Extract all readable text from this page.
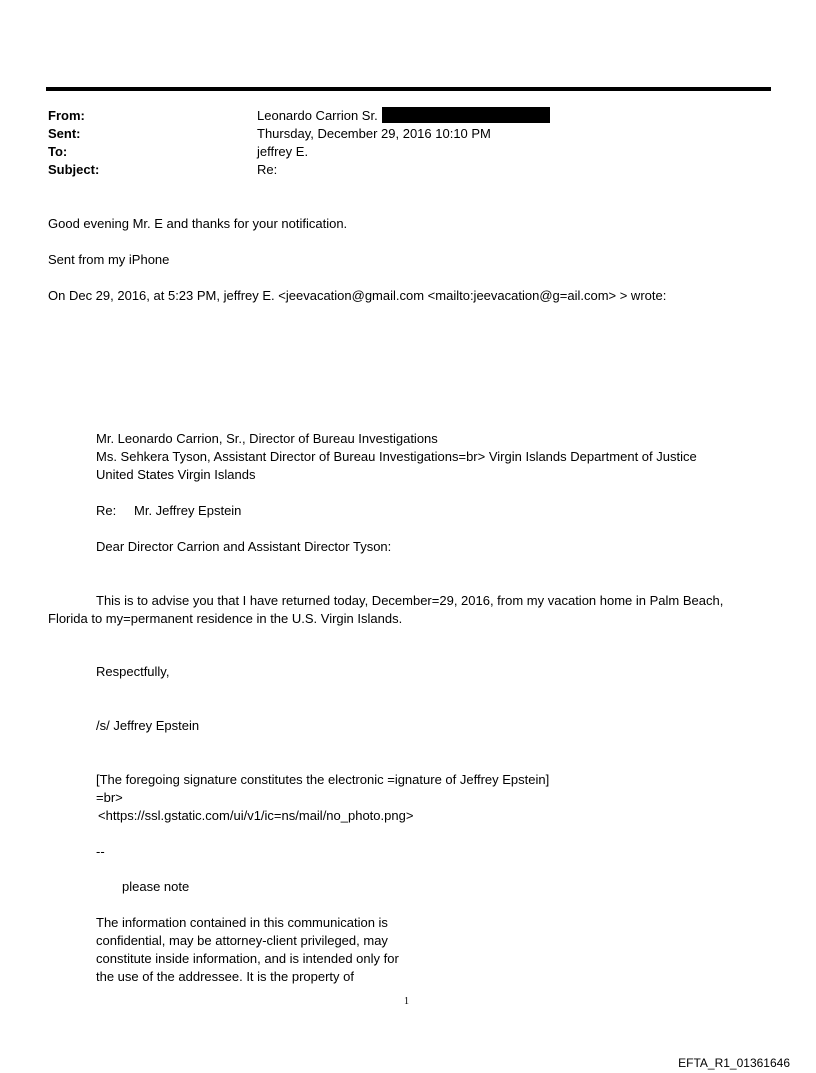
From:	Leonardo Carrion Sr.
Sent:	Thursday, December 29, 2016 10:10 PM
To:	jeffrey E.
Subject:	Re:
Good evening Mr. E and thanks for your notification.
Sent from my iPhone
On Dec 29, 2016, at 5:23 PM, jeffrey E. <jeevacation@gmail.com <mailto:jeevacation@g=ail.com> > wrote:
Mr. Leonardo Carrion, Sr., Director of Bureau Investigations
Ms. Sehkera Tyson, Assistant Director of Bureau Investigations=br> Virgin Islands Department of Justice
United States Virgin Islands
Re: Mr. Jeffrey Epstein
Dear Director Carrion and Assistant Director Tyson:
This is to advise you that I have returned today, December=29, 2016, from my vacation home in Palm Beach,
Florida to my=permanent residence in the U.S. Virgin Islands.
Respectfully,
/s/ Jeffrey Epstein
[The foregoing signature constitutes the electronic =ignature of Jeffrey Epstein]
=br>
<https://ssl.gstatic.com/ui/v1/ic=ns/mail/no_photo.png>
--
please note
The information contained in this communication is
confidential, may be attorney-client privileged, may
constitute inside information, and is intended only for
the use of the addressee. It is the property of
1
EFTA_R1_01361646
